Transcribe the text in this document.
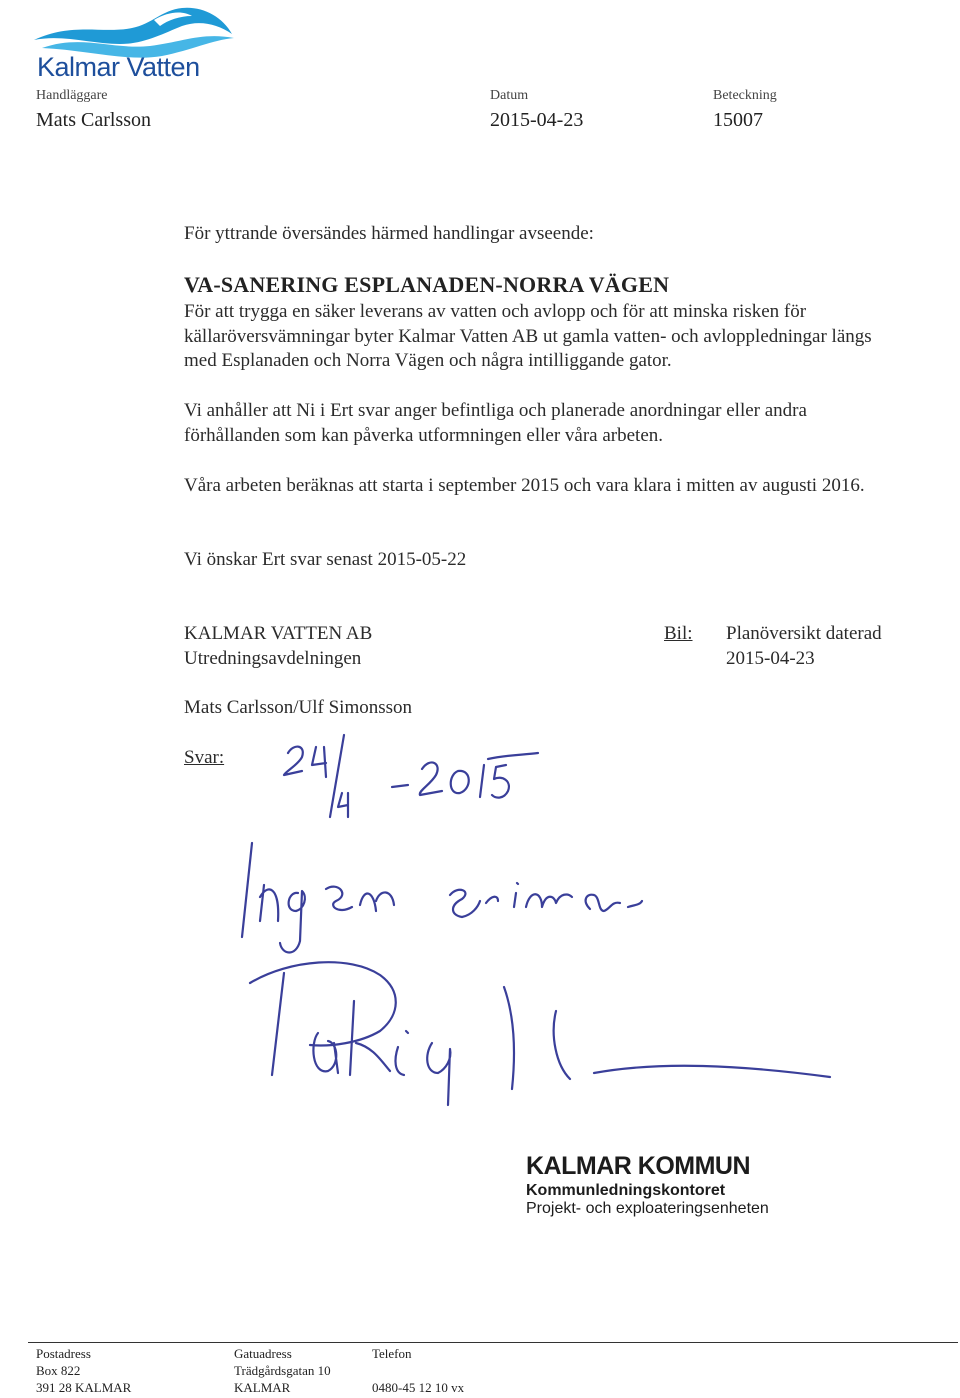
Kalmar Vatten
Handläggare
Mats Carlsson
Datum
2015-04-23
Beteckning
15007
För yttrande översändes härmed handlingar avseende:
VA-SANERING ESPLANADEN-NORRA VÄGEN

För att trygga en säker leverans av vatten och avlopp och för att minska risken för källaröversvämningar byter Kalmar Vatten AB ut gamla vatten- och avloppledningar längs med Esplanaden och Norra Vägen och några intilliggande gator.

Vi anhåller att Ni i Ert svar anger befintliga och planerade anordningar eller andra förhållanden som kan påverka utformningen eller våra arbeten.

Våra arbeten beräknas att starta i september 2015 och vara klara i mitten av augusti 2016.

Vi önskar Ert svar senast 2015-05-22

KALMAR VATTEN AB
Utredningsavdelningen
Mats Carlsson/Ulf Simonsson
Bil: Planöversikt daterad
2015-04-23
Svar:
KALMAR KOMMUN
Kommunledningskontoret
Projekt- och exploateringsenheten
Postadress
Box 822
391 28 KALMAR
Gatuadress
Trädgårdsgatan 10
KALMAR
Telefon
0480-45 12 10 vx
